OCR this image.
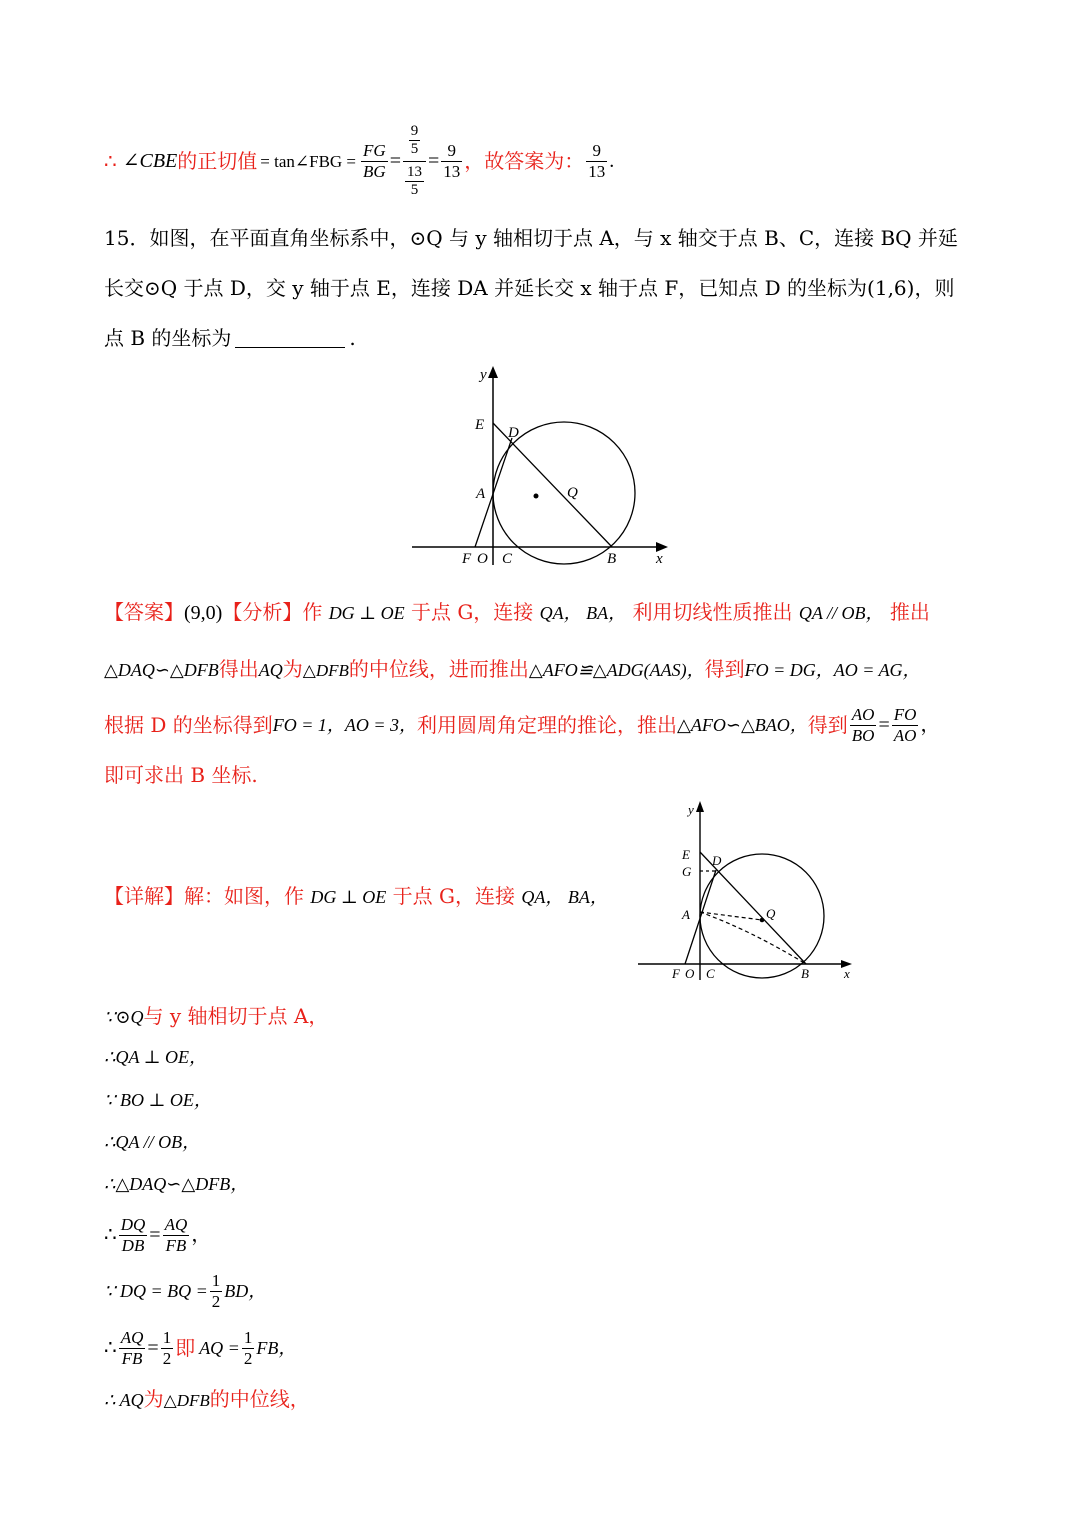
∴ ∠CBE 的正切值 = tan∠FBG = $\frac{FG}{BG} = \frac{\frac{9}{5}}{\frac{13}{5}} = \frac{9}{13}$ ，故答案为： $\frac{9}{13}$ .
15．如图，在平面直角坐标系中，⊙Q 与 y 轴相切于点 A，与 x 轴交于点 B、C，连接 BQ 并延
长交⊙Q 于点 D，交 y 轴于点 E，连接 DA 并延长交 x 轴于点 F，已知点 D 的坐标为(1,6)，则
点 B 的坐标为	.
y
x
E D
A	Q
F O C	B
【答案】(9,0)【分析】作 DG ⊥ OE 于点 G，连接 QA， BA， 利用切线性质推出 QA // OB， 推出
△DAQ∽△DFB得出AQ为△DFB的中位线，进而推出△AFO≌△ADG(AAS)，得到FO = DG，AO = AG，
根据 D 的坐标得到 FO = 1，AO = 3， 利用圆周角定理的推论，推出 △AFO∽△BAO， 得到 $\frac{AO}{BO} = \frac{FO}{AO}$ ，
即可求出 B 坐标.
【详解】解：如图，作 DG ⊥ OE 于点 G，连接 QA， BA，
y
x
E D
G
A	Q
F O C	B
∵⊙Q与 y 轴相切于点 A，
∴QA ⊥ OE，
∵ BO ⊥ OE，
∴QA // OB，
∴△DAQ∽△DFB，
∴ $\frac{DQ}{DB} = \frac{AQ}{FB}$ ，
∵ DQ = BQ = $\frac{1}{2}$ BD，
∴ $\frac{AQ}{FB} = \frac{1}{2}$ 即 AQ = $\frac{1}{2}$ FB，
∴ AQ为△DFB的中位线，
